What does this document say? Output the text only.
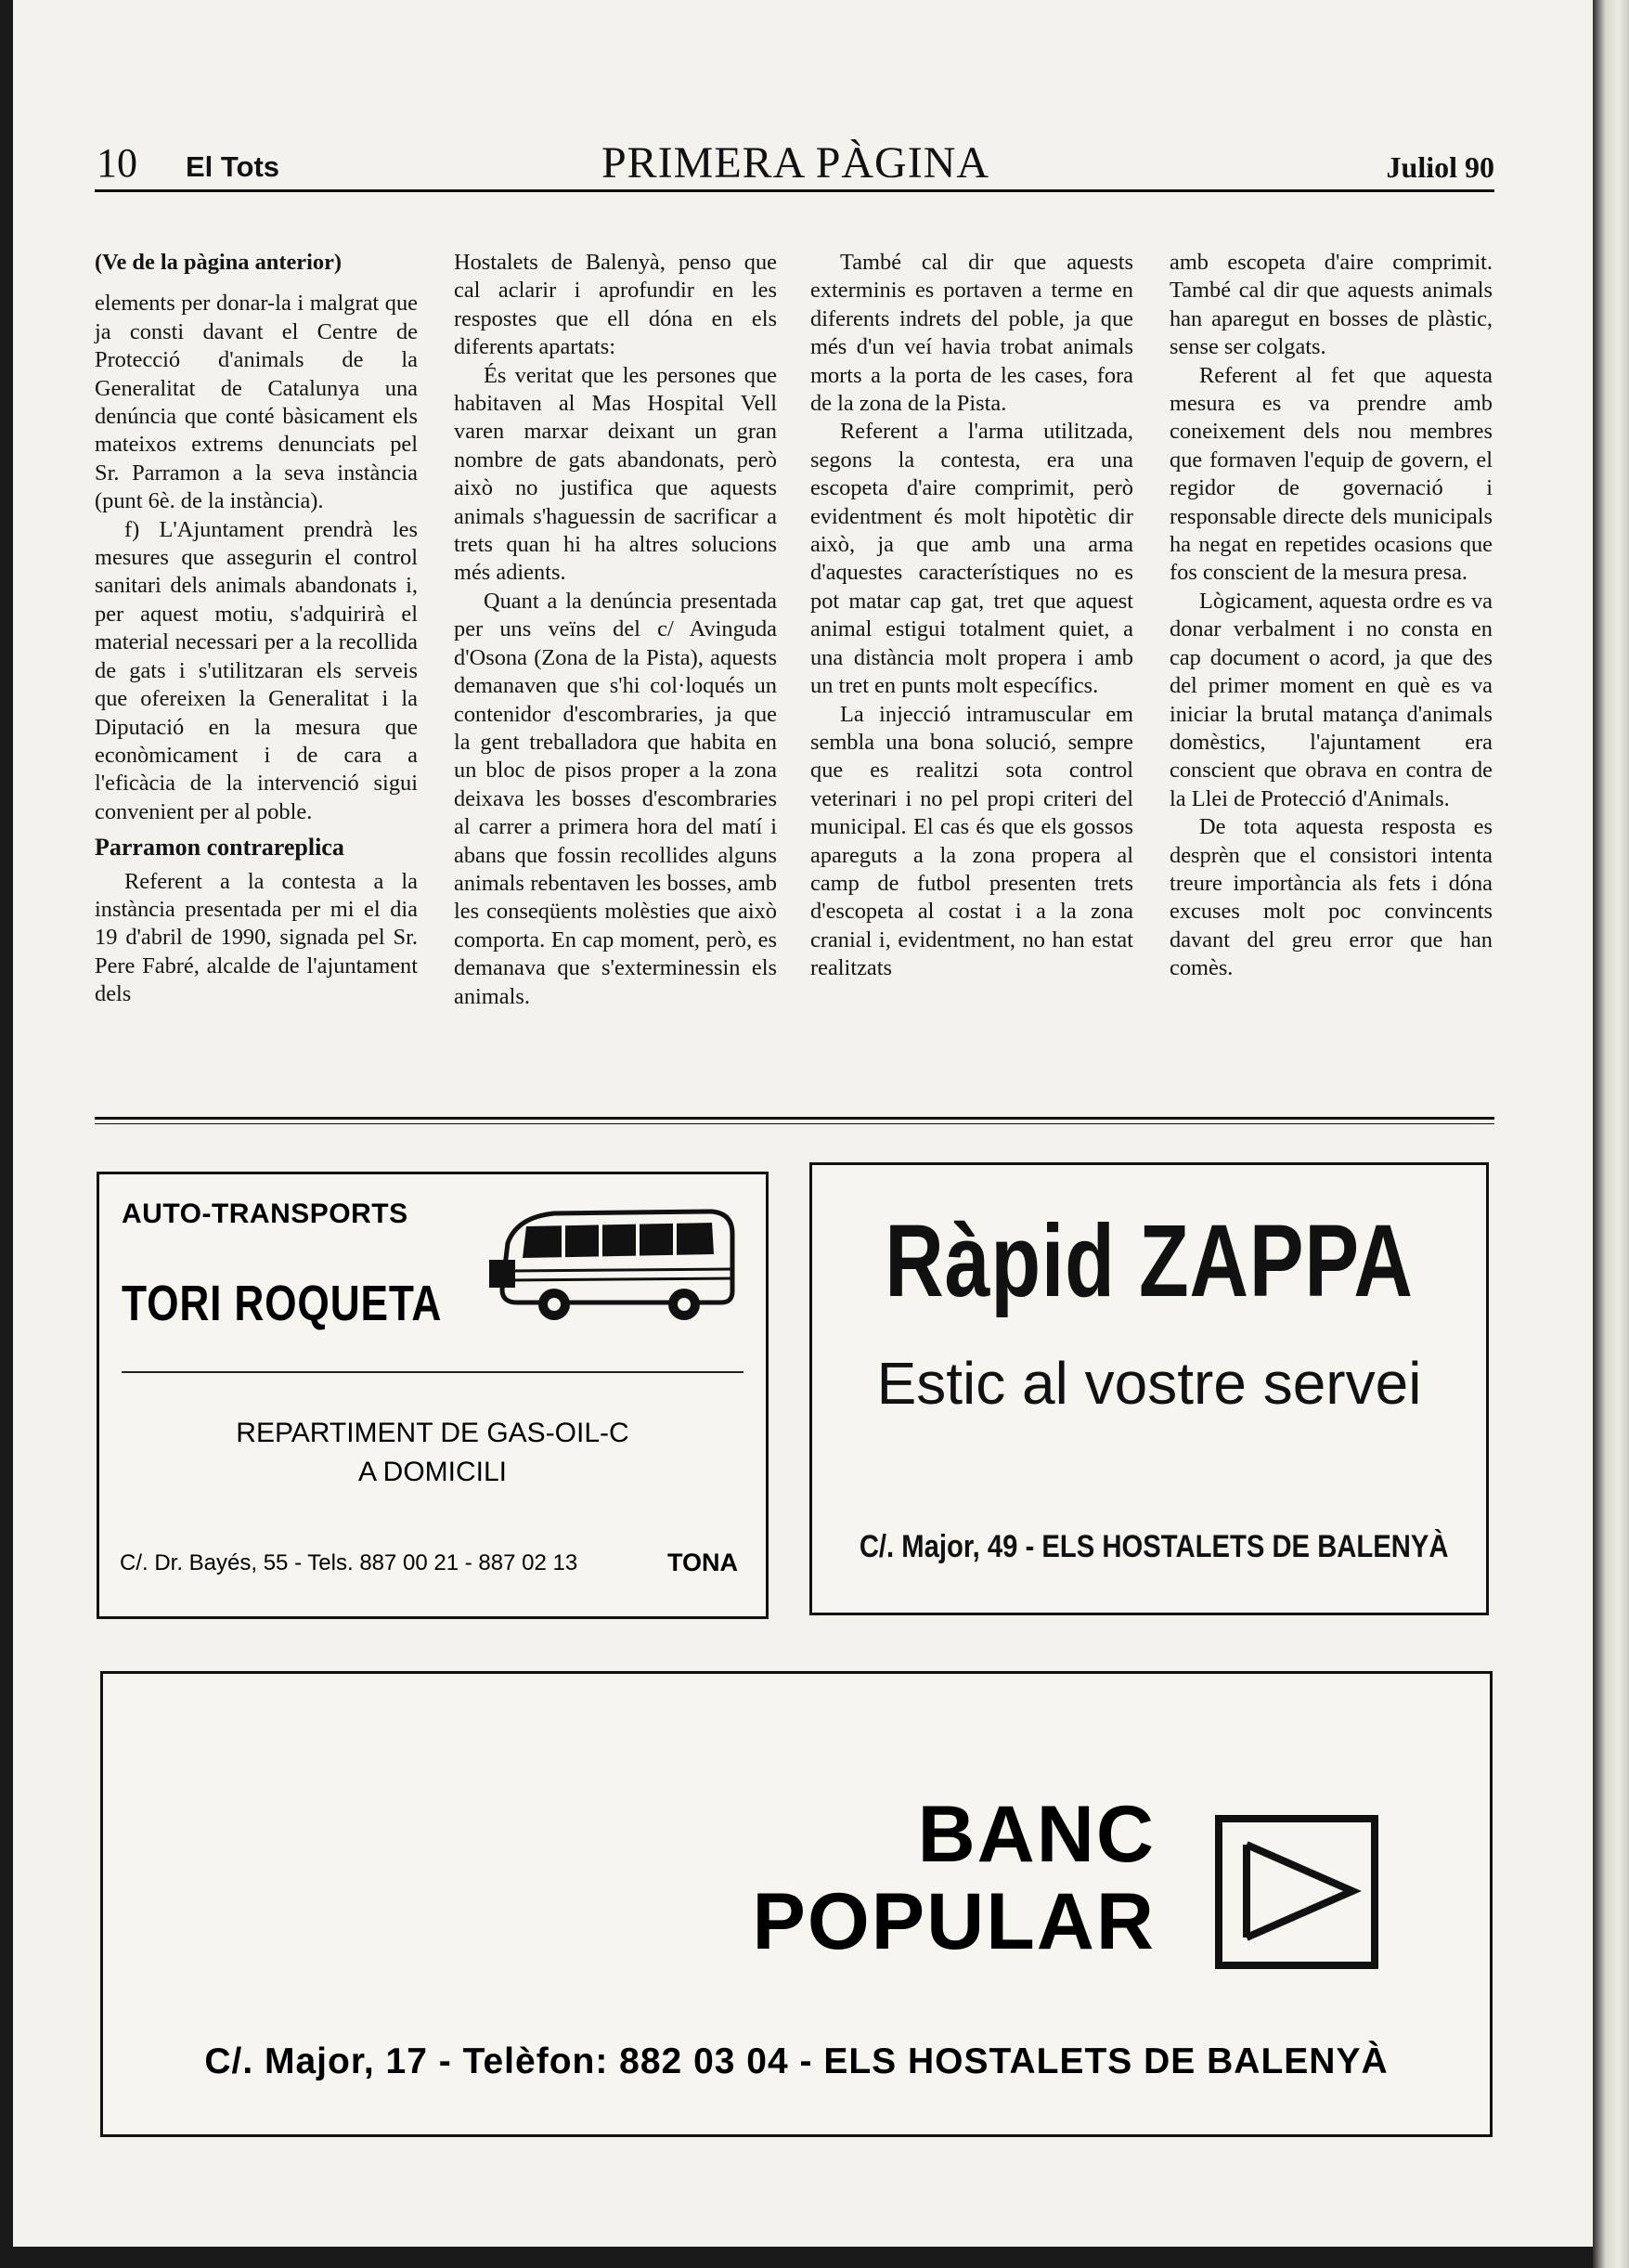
10 El Tots	PRIMERA PÀGINA	Juliol 90

(Ve de la pàgina anterior)

elements per donar-la i malgrat que ja consti davant el Centre de Protecció d'animals de la Generalitat de Catalunya una denúncia que conté bàsicament els mateixos extrems denunciats pel Sr. Parramon a la seva instància (punt 6è. de la instància).

f) L'Ajuntament prendrà les mesures que assegurin el control sanitari dels animals abandonats i, per aquest motiu, s'adquirirà el material necessari per a la recollida de gats i s'utilitzaran els serveis que ofereixen la Generalitat i la Diputació en la mesura que econòmicament i de cara a l'eficàcia de la intervenció sigui convenient per al poble.

Parramon contrareplica

Referent a la contesta a la instància presentada per mi el dia 19 d'abril de 1990, signada pel Sr. Pere Fabré, alcalde de l'ajuntament dels

Hostalets de Balenyà, penso que cal aclarir i aprofundir en les respostes que ell dóna en els diferents apartats:

És veritat que les persones que habitaven al Mas Hospital Vell varen marxar deixant un gran nombre de gats abandonats, però això no justifica que aquests animals s'haguessin de sacrificar a trets quan hi ha altres solucions més adients.

Quant a la denúncia presentada per uns veïns del c/ Avinguda d'Osona (Zona de la Pista), aquests demanaven que s'hi col·loqués un contenidor d'escombraries, ja que la gent treballadora que habita en un bloc de pisos proper a la zona deixava les bosses d'escombraries al carrer a primera hora del matí i abans que fossin recollides alguns animals rebentaven les bosses, amb les conseqüents molèsties que això comporta. En cap moment, però, es demanava que s'exterminessin els animals.

També cal dir que aquests exterminis es portaven a terme en diferents indrets del poble, ja que més d'un veí havia trobat animals morts a la porta de les cases, fora de la zona de la Pista.

Referent a l'arma utilitzada, segons la contesta, era una escopeta d'aire comprimit, però evidentment és molt hipotètic dir això, ja que amb una arma d'aquestes característiques no es pot matar cap gat, tret que aquest animal estigui totalment quiet, a una distància molt propera i amb un tret en punts molt específics.

La injecció intramuscular em sembla una bona solució, sempre que es realitzi sota control veterinari i no pel propi criteri del municipal. El cas és que els gossos apareguts a la zona propera al camp de futbol presenten trets d'escopeta al costat i a la zona cranial i, evidentment, no han estat realitzats

amb escopeta d'aire comprimit. També cal dir que aquests animals han aparegut en bosses de plàstic, sense ser colgats.

Referent al fet que aquesta mesura es va prendre amb coneixement dels nou membres que formaven l'equip de govern, el regidor de governació i responsable directe dels municipals ha negat en repetides ocasions que fos conscient de la mesura presa.

Lògicament, aquesta ordre es va donar verbalment i no consta en cap document o acord, ja que des del primer moment en què es va iniciar la brutal matança d'animals domèstics, l'ajuntament era conscient que obrava en contra de la Llei de Protecció d'Animals.

De tota aquesta resposta es desprèn que el consistori intenta treure importància als fets i dóna excuses molt poc convincents davant del greu error que han comès.

AUTO-TRANSPORTS
TORI ROQUETA
REPARTIMENT DE GAS-OIL-C
A DOMICILI
C/. Dr. Bayés, 55 - Tels. 887 00 21 - 887 02 13	TONA
Ràpid ZAPPA
Estic al vostre servei
C/. Major, 49 - ELS HOSTALETS DE BALENYÀ
BANC
POPULAR
C/. Major, 17 - Telèfon: 882 03 04 - ELS HOSTALETS DE BALENYÀ
